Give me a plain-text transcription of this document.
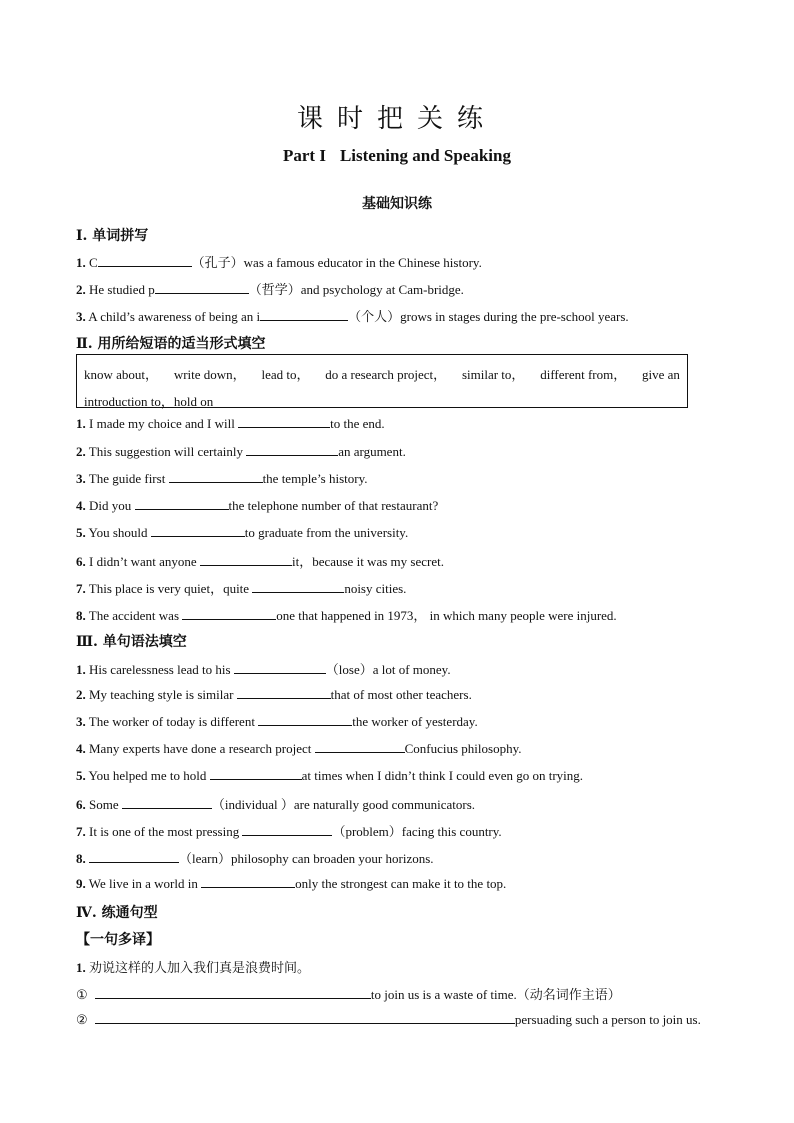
课时把关练
Part I Listening and Speaking
基础知识练
Ⅰ. 单词拼写
1. C	（孔子）was a famous educator in the Chinese history.
2. He studied p	（哲学）and psychology at Cam-bridge.
3. A child’s awareness of being an i	（个人）grows in stages during the pre-school years.
Ⅱ. 用所给短语的适当形式填空
know about， write down， lead to， do a research project， similar to， different from， give an
introduction to，hold on
1. I made my choice and I will	to the end.
2. This suggestion will certainly	an argument.
3. The guide first	the temple’s history.
4. Did you	the telephone number of that restaurant?
5. You should	to graduate from the university.
6. I didn’t want anyone	it，because it was my secret.
7. This place is very quiet，quite	noisy cities.
8. The accident was	one that happened in 1973， in which many people were injured.
Ⅲ. 单句语法填空
1. His carelessness lead to his	（lose）a lot of money.
2. My teaching style is similar	that of most other teachers.
3. The worker of today is different	the worker of yesterday.
4. Many experts have done a research project	Confucius philosophy.
5. You helped me to hold	at times when I didn’t think I could even go on trying.
6. Some	（individual ）are naturally good communicators.
7. It is one of the most pressing	（problem）facing this country.
8.	（learn）philosophy can broaden your horizons.
9. We live in a world in	only the strongest can make it to the top.
Ⅳ. 练通句型
【一句多译】
1. 劝说这样的人加入我们真是浪费时间。
①	to join us is a waste of time.（动名词作主语）
②	persuading such a person to join us.
